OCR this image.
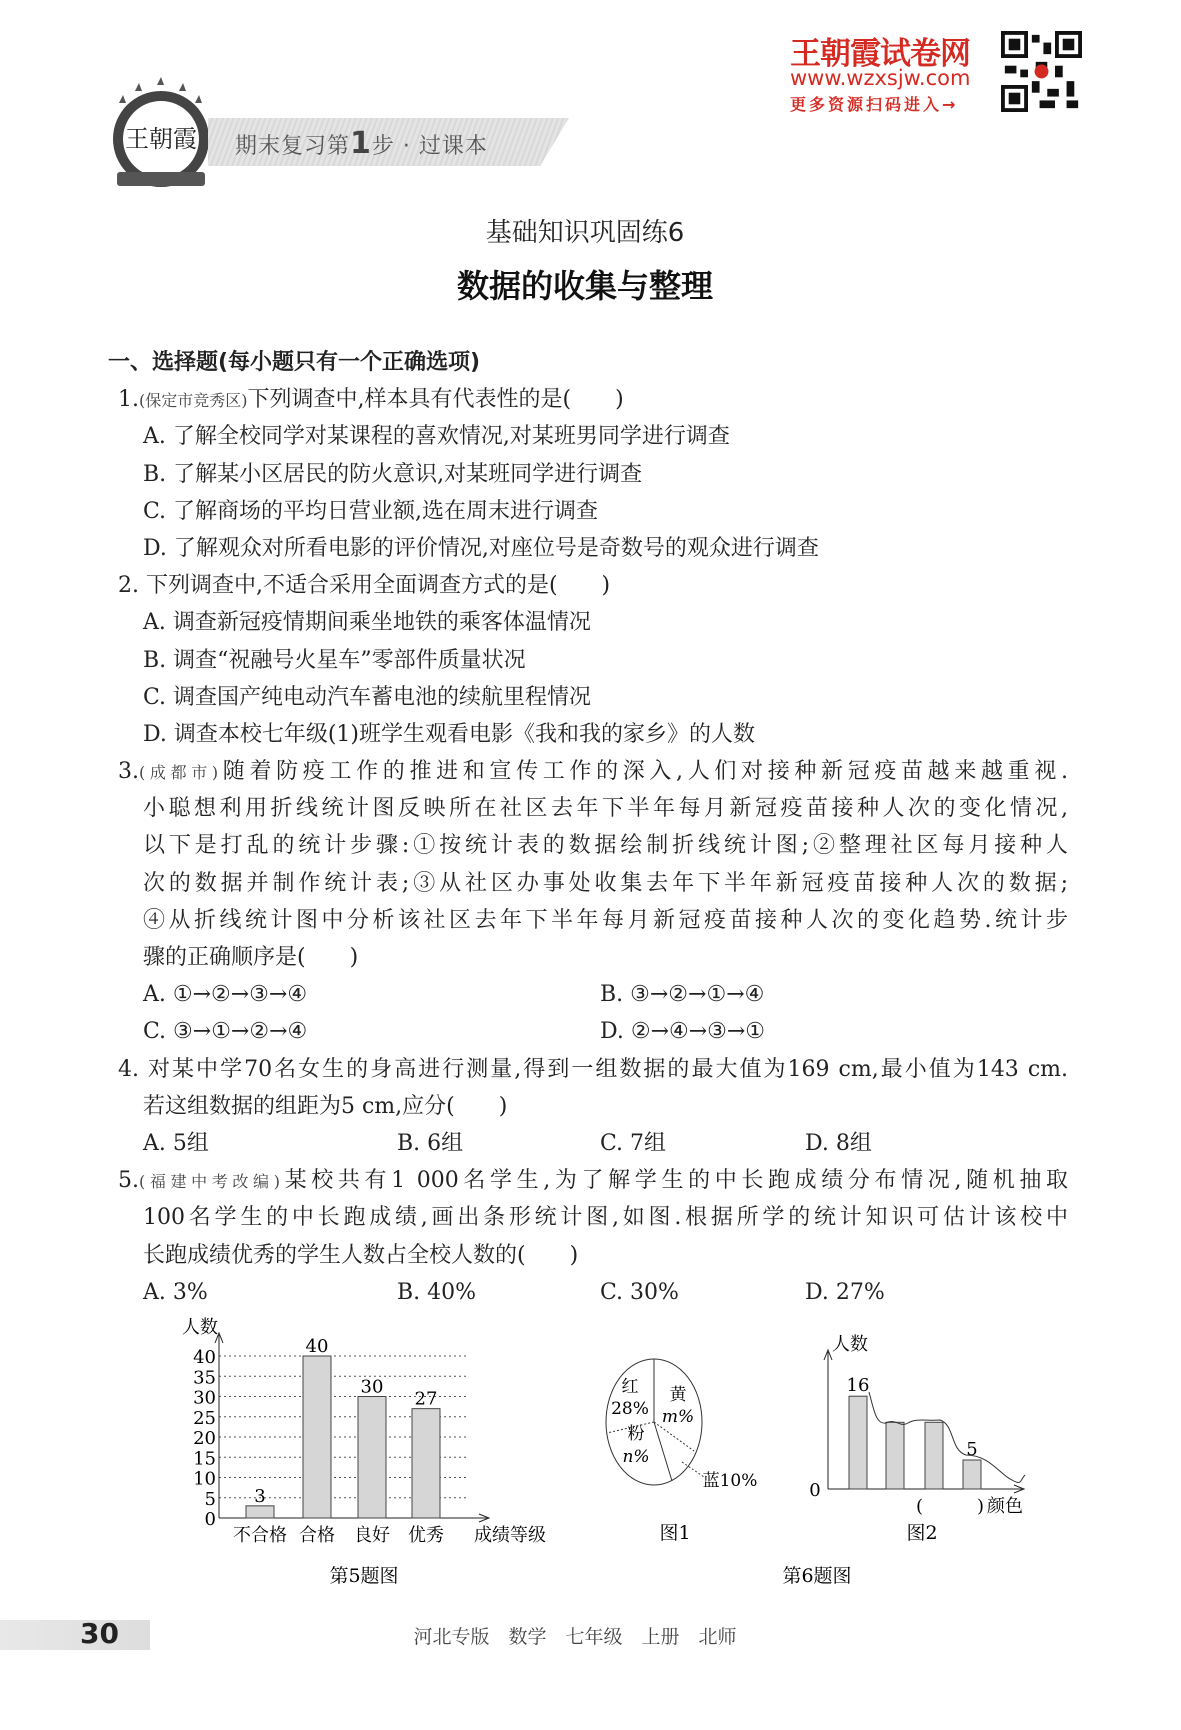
王朝霞 期末复习第1步 · 过课本
王朝霞试卷网
www.wzxsjw.com
更多资源扫码进入→
基础知识巩固练6
数据的收集与整理
一、选择题(每小题只有一个正确选项)
1.(保定市竞秀区)下列调查中,样本具有代表性的是(　　)
A. 了解全校同学对某课程的喜欢情况,对某班男同学进行调查
B. 了解某小区居民的防火意识,对某班同学进行调查
C. 了解商场的平均日营业额,选在周末进行调查
D. 了解观众对所看电影的评价情况,对座位号是奇数号的观众进行调查
2. 下列调查中,不适合采用全面调查方式的是(　　)
A. 调查新冠疫情期间乘坐地铁的乘客体温情况
B. 调查“祝融号火星车”零部件质量状况
C. 调查国产纯电动汽车蓄电池的续航里程情况
D. 调查本校七年级(1)班学生观看电影《我和我的家乡》的人数
3.(成都市)随着防疫工作的推进和宣传工作的深入,人们对接种新冠疫苗越来越重视.
小聪想利用折线统计图反映所在社区去年下半年每月新冠疫苗接种人次的变化情况,
以下是打乱的统计步骤:①按统计表的数据绘制折线统计图;②整理社区每月接种人
次的数据并制作统计表;③从社区办事处收集去年下半年新冠疫苗接种人次的数据;
④从折线统计图中分析该社区去年下半年每月新冠疫苗接种人次的变化趋势.统计步
骤的正确顺序是(　　)
A. ①→②→③→④	B. ③→②→①→④
C. ③→①→②→④	D. ②→④→③→①
4. 对某中学70名女生的身高进行测量,得到一组数据的最大值为169 cm,最小值为143 cm.
若这组数据的组距为5 cm,应分(　　)
A. 5组	B. 6组	C. 7组	D. 8组
5.(福建中考改编)某校共有1 000名学生,为了解学生的中长跑成绩分布情况,随机抽取
100名学生的中长跑成绩,画出条形统计图,如图.根据所学的统计知识可估计该校中
长跑成绩优秀的学生人数占全校人数的(　　)
A. 3%	B. 40%	C. 30%	D. 27%
0
5
10
15
20
25
30
35
40
人数
3
不合格
40
合格
30
良好
27
优秀 成绩等级
红
28%
黄
m%
蓝10%
粉
n%
人数
0
(　　　) 颜色
16
5
第5题图	第6题图
图1	图2
30	河北专版　数学　七年级　上册　北师
